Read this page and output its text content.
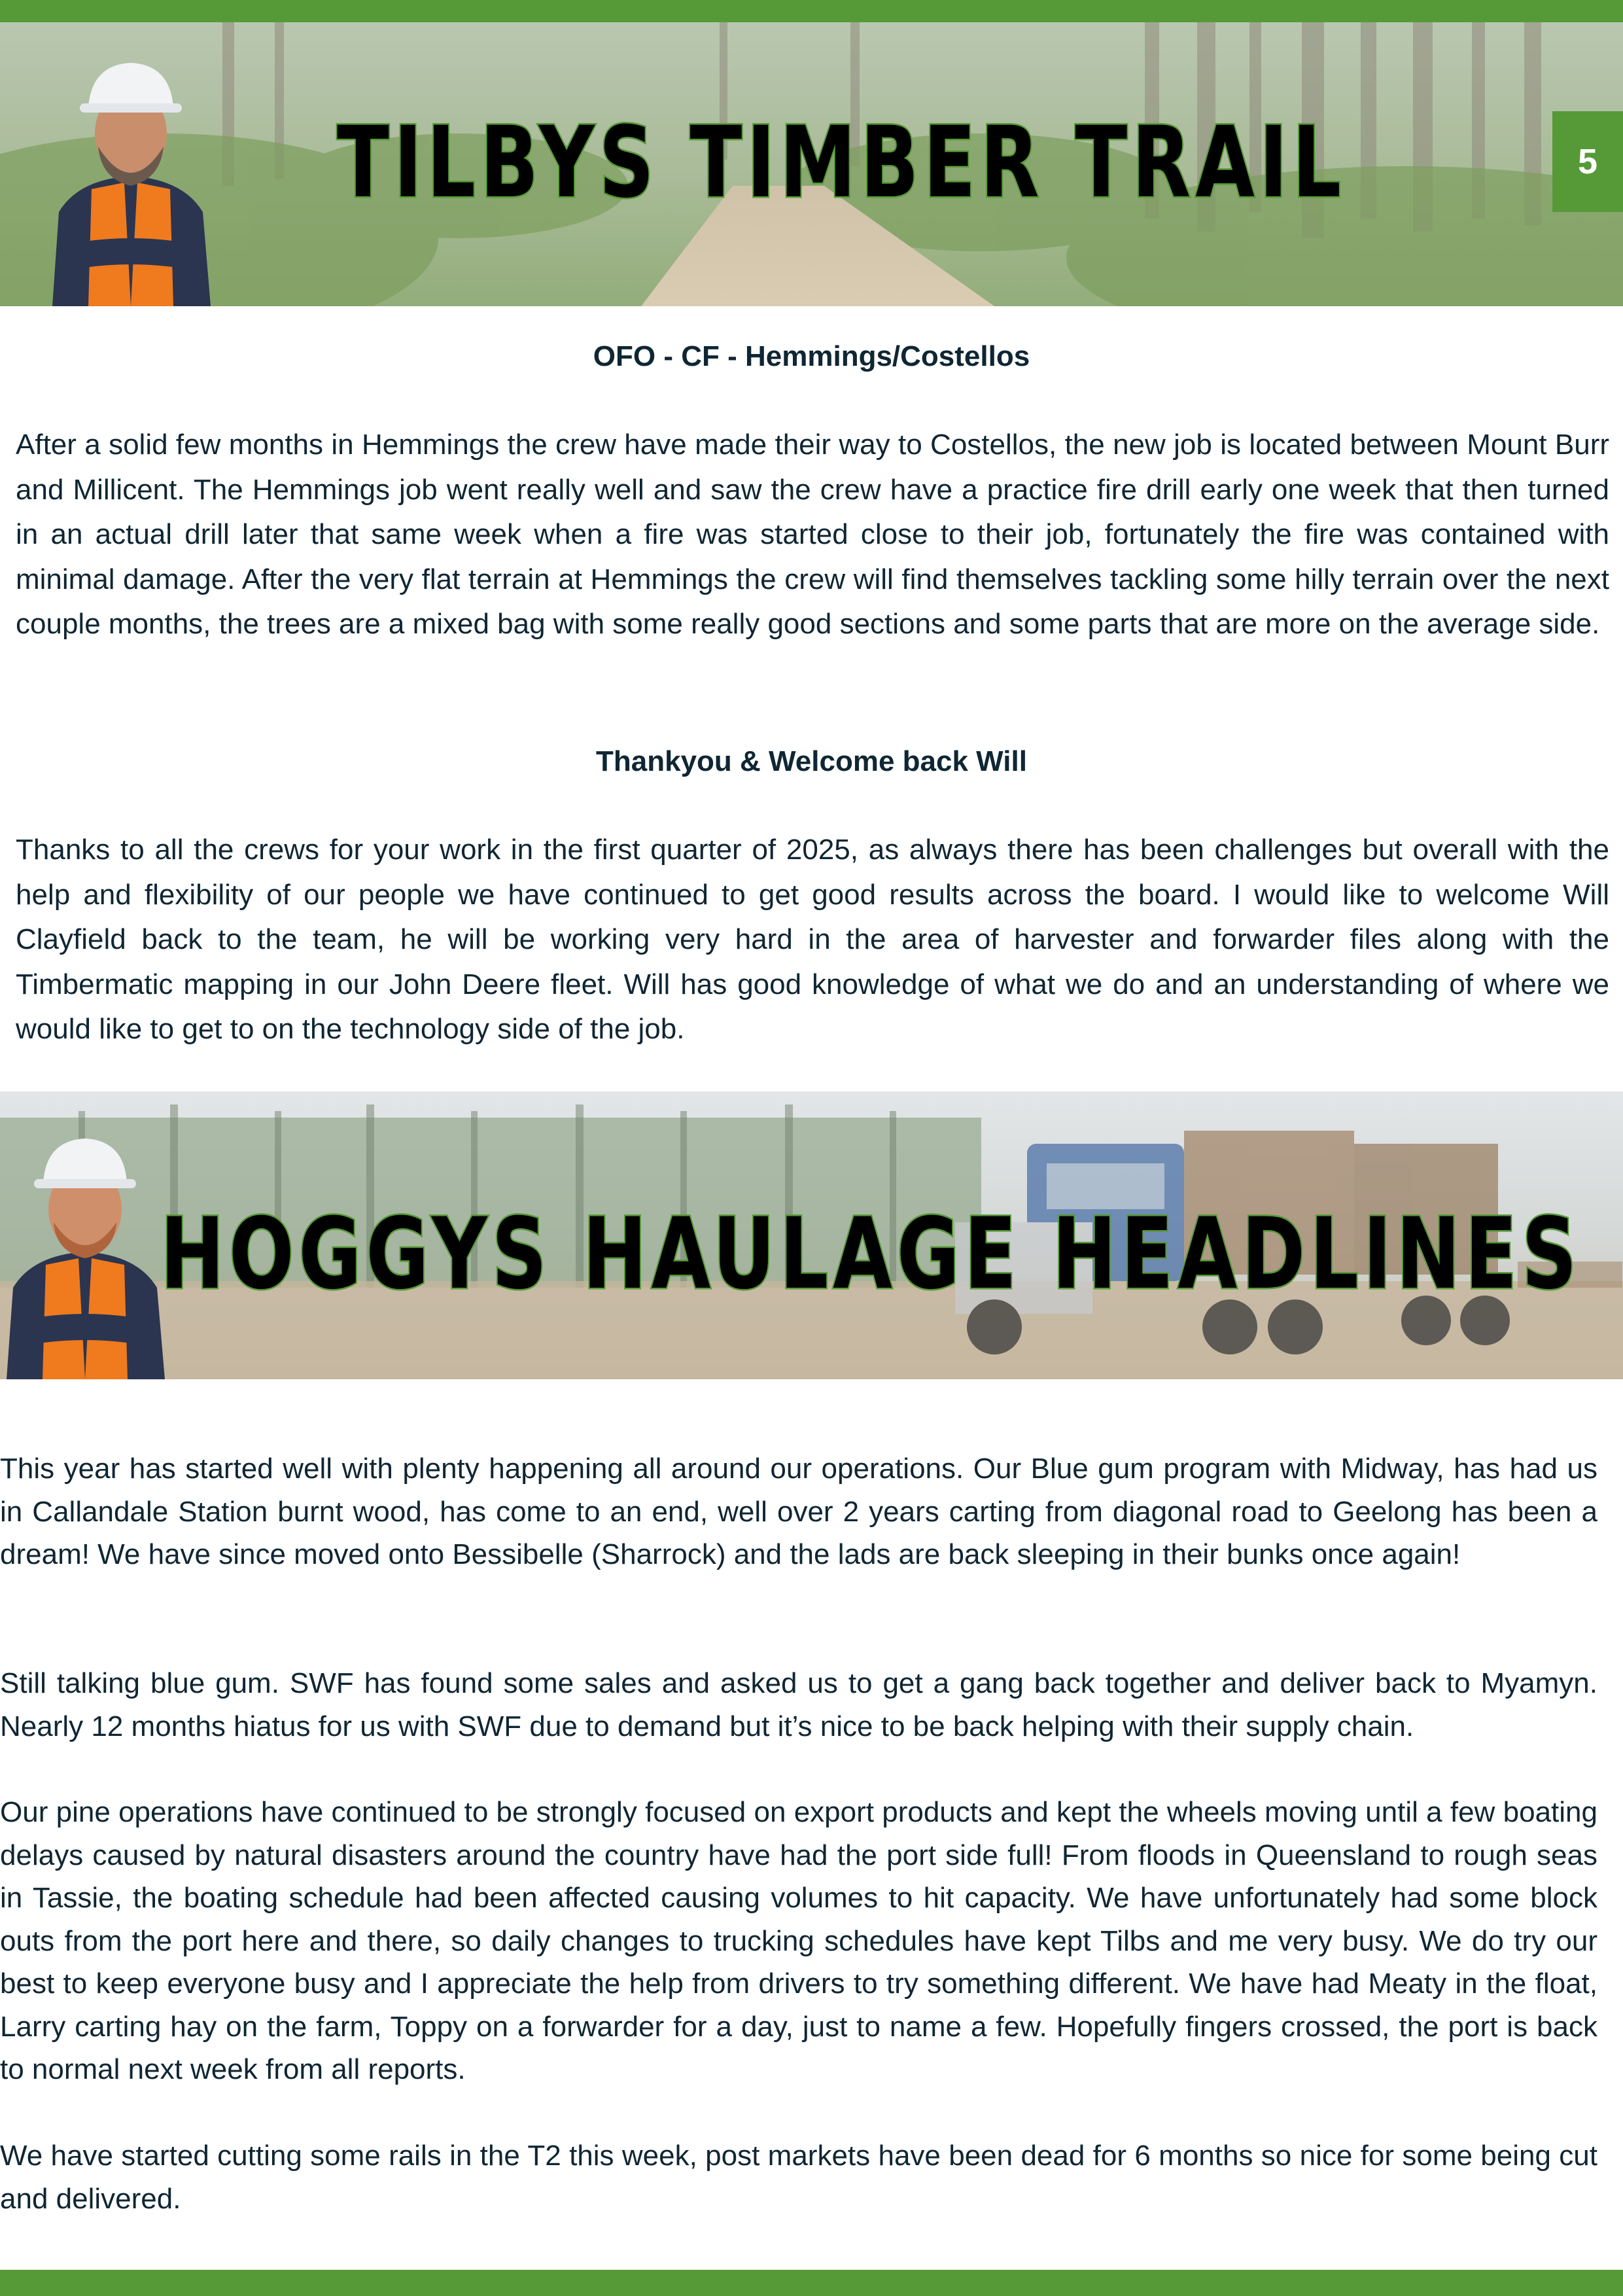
TILBYS TIMBER TRAIL	5
OFO - CF - Hemmings/Costellos

After a solid few months in Hemmings the crew have made their way to Costellos, the new job is located between Mount Burr and Millicent. The Hemmings job went really well and saw the crew have a practice fire drill early one week that then turned in an actual drill later that same week when a fire was started close to their job, fortunately the fire was contained with minimal damage. After the very flat terrain at Hemmings the crew will find themselves tackling some hilly terrain over the next couple months, the trees are a mixed bag with some really good sections and some parts that are more on the average side.

Thankyou & Welcome back Will

Thanks to all the crews for your work in the first quarter of 2025, as always there has been challenges but overall with the help and flexibility of our people we have continued to get good results across the board. I would like to welcome Will Clayfield back to the team, he will be working very hard in the area of harvester and forwarder files along with the Timbermatic mapping in our John Deere fleet. Will has good knowledge of what we do and an understanding of where we would like to get to on the technology side of the job.

HOGGYS HAULAGE HEADLINES

This year has started well with plenty happening all around our operations. Our Blue gum program with Midway, has had us in Callandale Station burnt wood, has come to an end, well over 2 years carting from diagonal road to Geelong has been a dream! We have since moved onto Bessibelle (Sharrock) and the lads are back sleeping in their bunks once again!

Still talking blue gum. SWF has found some sales and asked us to get a gang back together and deliver back to Myamyn. Nearly 12 months hiatus for us with SWF due to demand but it’s nice to be back helping with their supply chain.

Our pine operations have continued to be strongly focused on export products and kept the wheels moving until a few boating delays caused by natural disasters around the country have had the port side full! From floods in Queensland to rough seas in Tassie, the boating schedule had been affected causing volumes to hit capacity. We have unfortunately had some block outs from the port here and there, so daily changes to trucking schedules have kept Tilbs and me very busy. We do try our best to keep everyone busy and I appreciate the help from drivers to try something different. We have had Meaty in the float, Larry carting hay on the farm, Toppy on a forwarder for a day, just to name a few. Hopefully fingers crossed, the port is back to normal next week from all reports.

We have started cutting some rails in the T2 this week, post markets have been dead for 6 months so nice for some being cut and delivered.
